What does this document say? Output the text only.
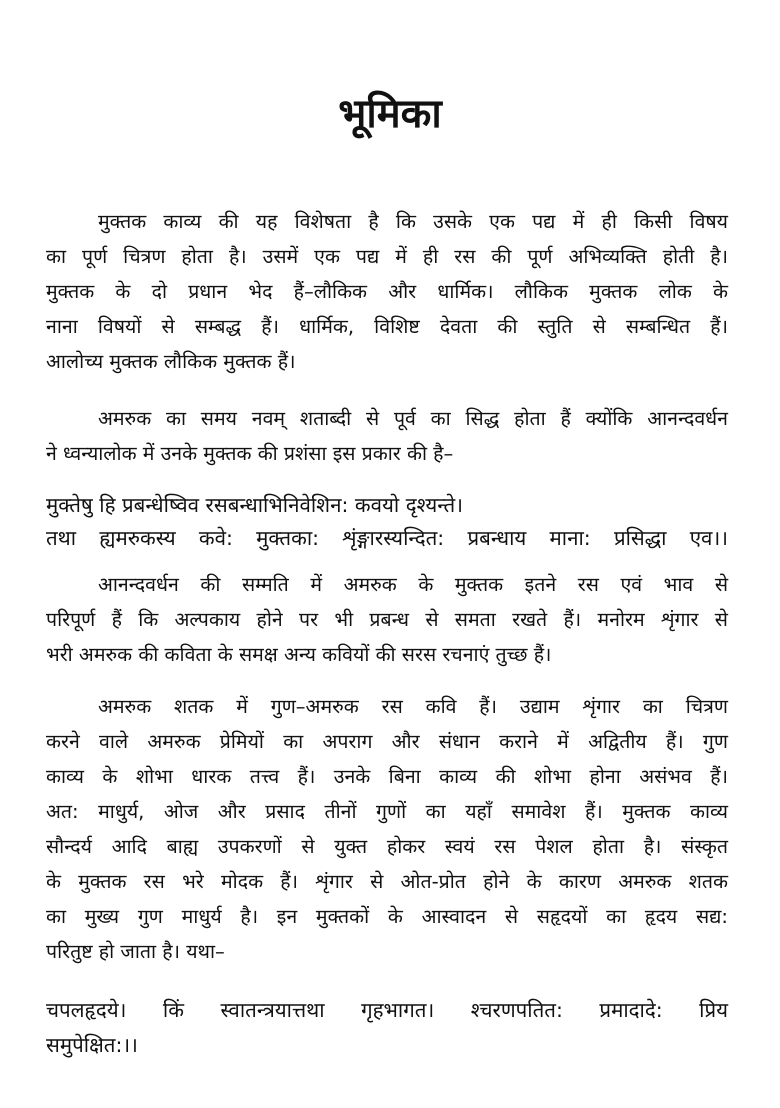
भूमिका
मुक्तक काव्य की यह विशेषता है कि उसके एक पद्य में ही किसी विषय
का पूर्ण चित्रण होता है। उसमें एक पद्य में ही रस की पूर्ण अभिव्यक्ति होती है।
मुक्तक के दो प्रधान भेद हैं–लौकिक और धार्मिक। लौकिक मुक्तक लोक के
नाना विषयों से सम्बद्ध हैं। धार्मिक, विशिष्ट देवता की स्तुति से सम्बन्धित हैं।
आलोच्य मुक्तक लौकिक मुक्तक हैं।
अमरुक का समय नवम् शताब्दी से पूर्व का सिद्ध होता हैं क्योंकि आनन्दवर्धन
ने ध्वन्यालोक में उनके मुक्तक की प्रशंसा इस प्रकार की है–
मुक्तेषु हि प्रबन्धेष्विव रसबन्धाभिनिवेशिन: कवयो दृश्यन्ते।
तथा ह्यमरुकस्य कवे: मुक्तका: शृंङ्गारस्यन्दित: प्रबन्धाय माना: प्रसिद्धा एव।।
आनन्दवर्धन की सम्मति में अमरुक के मुक्तक इतने रस एवं भाव से
परिपूर्ण हैं कि अल्पकाय होने पर भी प्रबन्ध से समता रखते हैं। मनोरम शृंगार से
भरी अमरुक की कविता के समक्ष अन्य कवियों की सरस रचनाएं तुच्छ हैं।
अमरुक शतक में गुण–अमरुक रस कवि हैं। उद्याम शृंगार का चित्रण
करने वाले अमरुक प्रेमियों का अपराग और संधान कराने में अद्वितीय हैं। गुण
काव्य के शोभा धारक तत्त्व हैं। उनके बिना काव्य की शोभा होना असंभव हैं।
अत: माधुर्य, ओज और प्रसाद तीनों गुणों का यहाँ समावेश हैं। मुक्तक काव्य
सौन्दर्य आदि बाह्य उपकरणों से युक्त होकर स्वयं रस पेशल होता है। संस्कृत
के मुक्तक रस भरे मोदक हैं। शृंगार से ओत-प्रोत होने के कारण अमरुक शतक
का मुख्य गुण माधुर्य है। इन मुक्तकों के आस्वादन से सहृदयों का हृदय सद्य:
परितुष्ट हो जाता है। यथा–
चपलहृदये। किं स्वातन्त्रयात्तथा गृहभागत। श्चरणपतित: प्रमादादे: प्रिय
समुपेक्षित:।।
